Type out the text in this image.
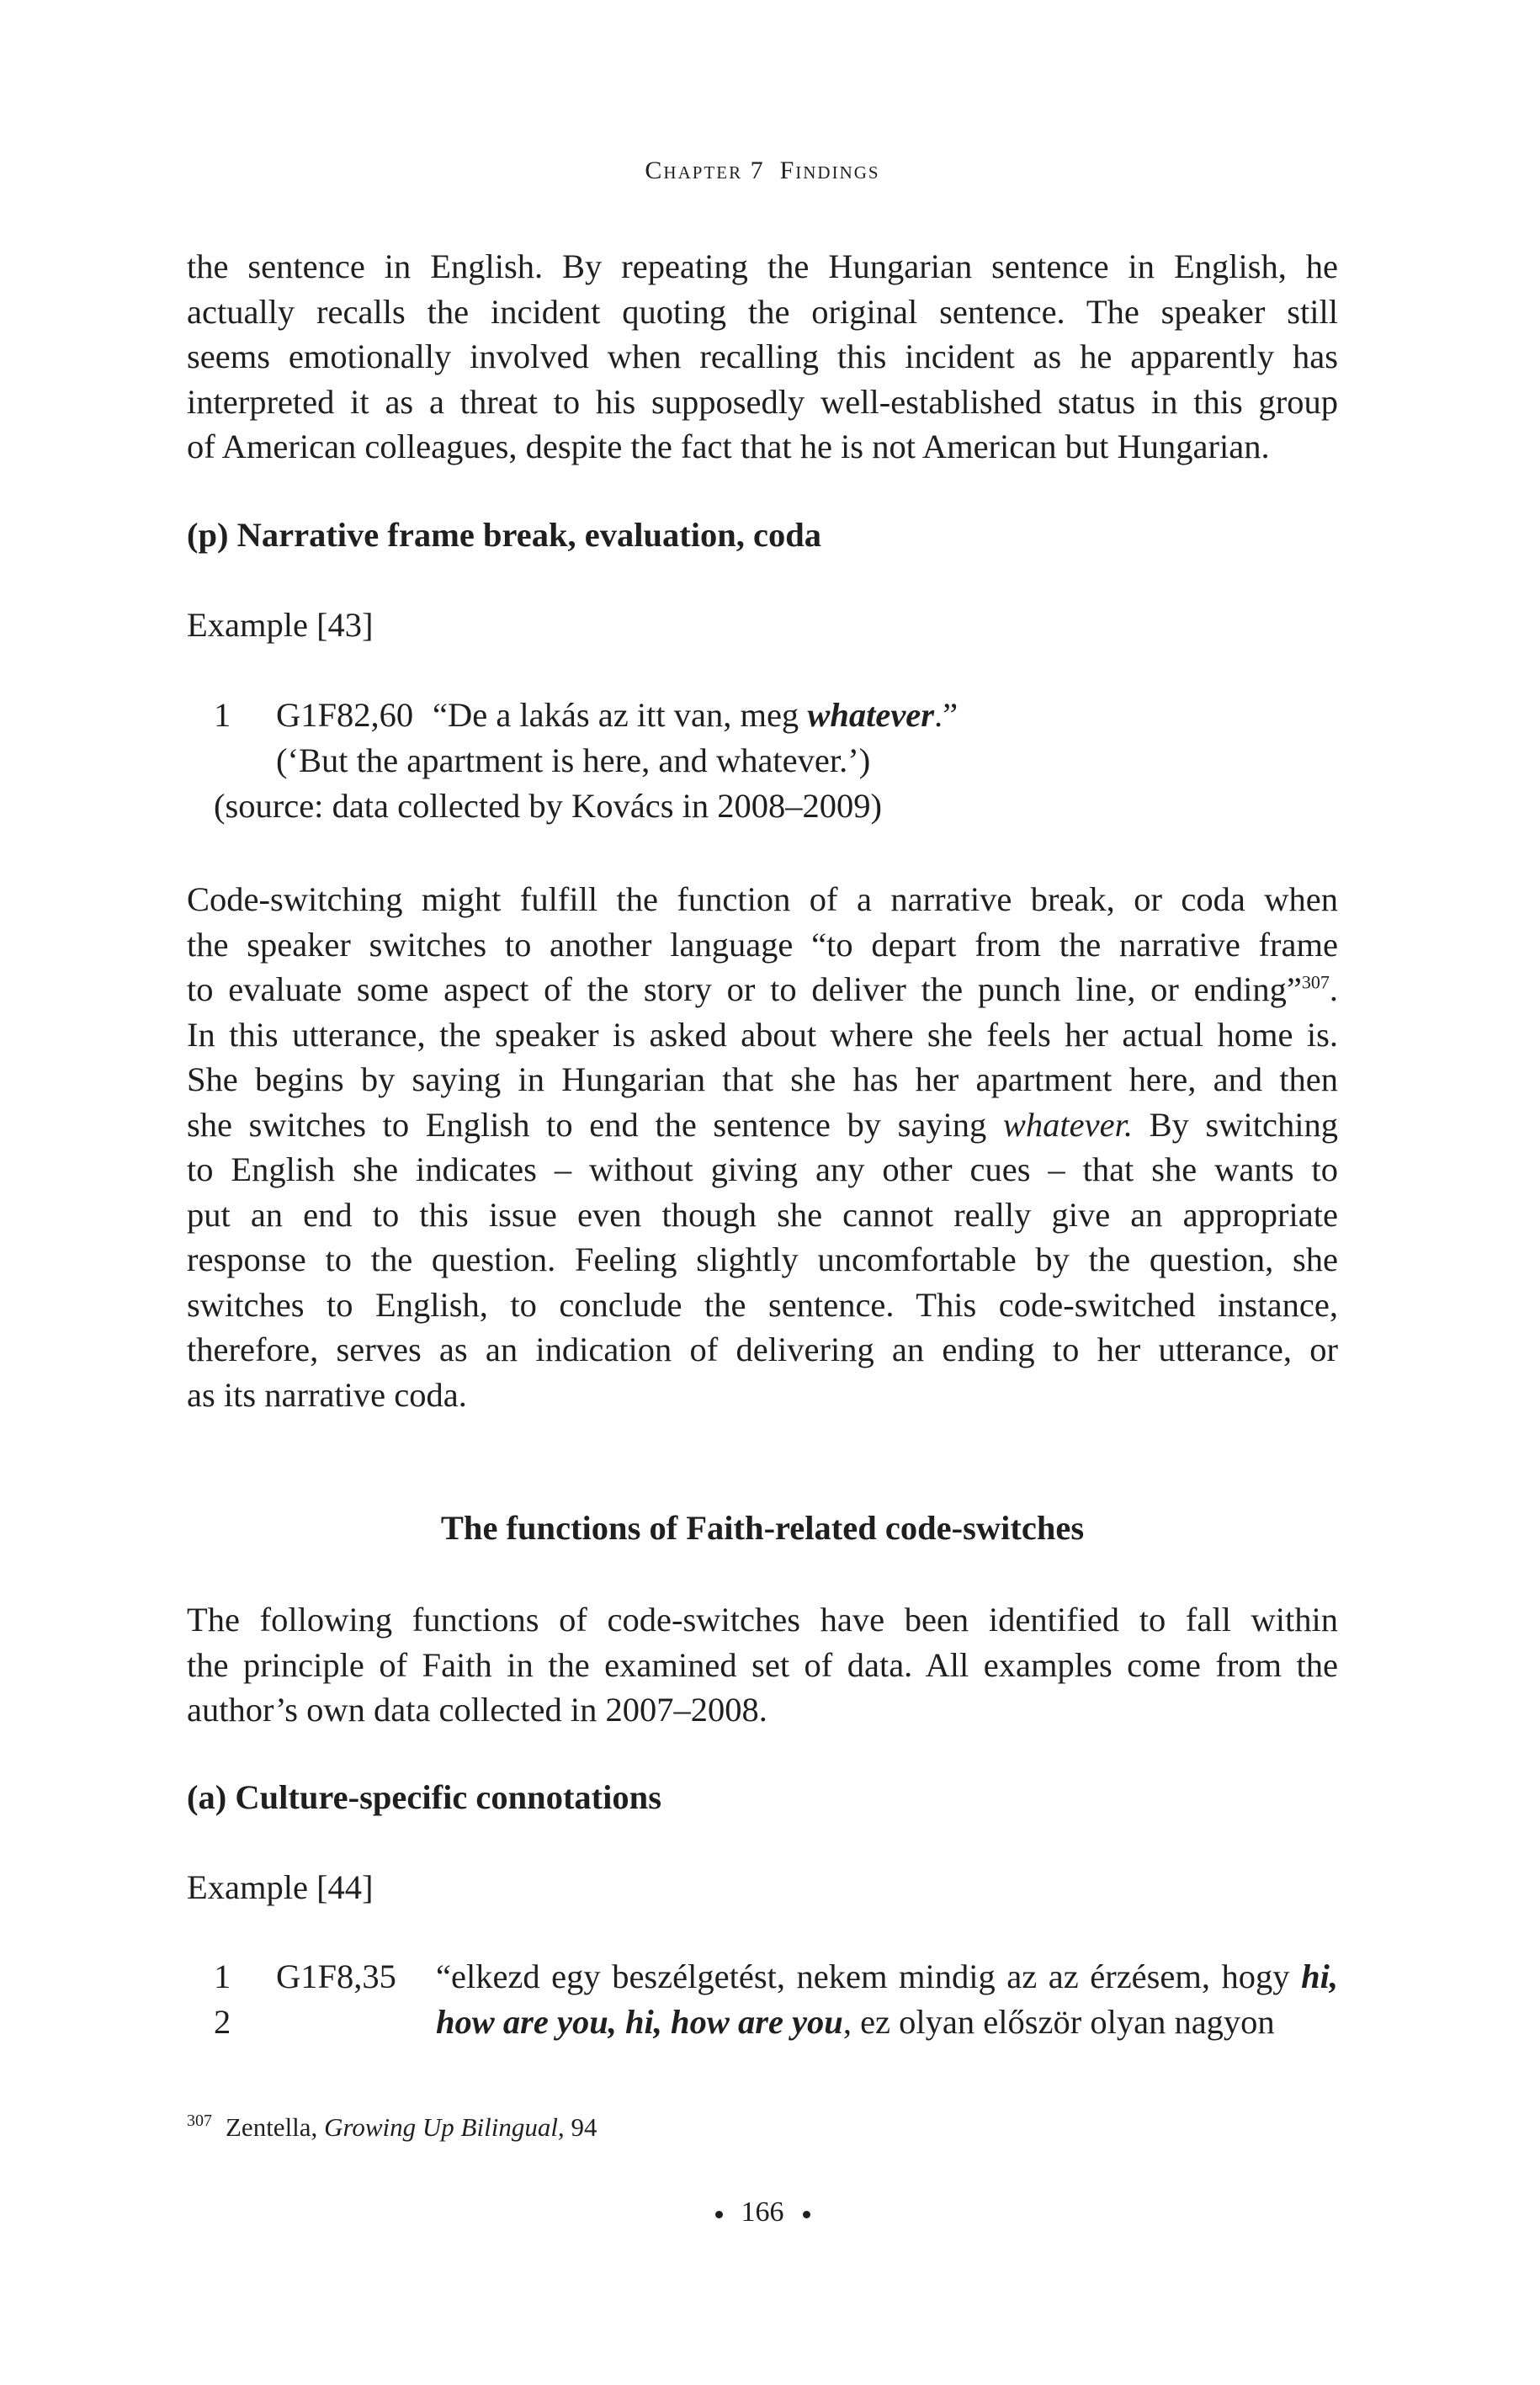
Chapter 7 Findings
the sentence in English. By repeating the Hungarian sentence in English, he
actually recalls the incident quoting the original sentence. The speaker still
seems emotionally involved when recalling this incident as he apparently has
interpreted it as a threat to his supposedly well-established status in this group
of American colleagues, despite the fact that he is not American but Hungarian.
(p) Narrative frame break, evaluation, coda
Example [43]
1 G1F82,60 “De a lakás az itt van, meg whatever.”
(‘But the apartment is here, and whatever.’)
(source: data collected by Kovács in 2008–2009)
Code-switching might fulfill the function of a narrative break, or coda when
the speaker switches to another language “to depart from the narrative frame
to evaluate some aspect of the story or to deliver the punch line, or ending”$^{307}$.
In this utterance, the speaker is asked about where she feels her actual home is.
She begins by saying in Hungarian that she has her apartment here, and then
she switches to English to end the sentence by saying whatever. By switching
to English she indicates – without giving any other cues – that she wants to
put an end to this issue even though she cannot really give an appropriate
response to the question. Feeling slightly uncomfortable by the question, she
switches to English, to conclude the sentence. This code-switched instance,
therefore, serves as an indication of delivering an ending to her utterance, or
as its narrative coda.
The functions of Faith-related code-switches
The following functions of code-switches have been identified to fall within
the principle of Faith in the examined set of data. All examples come from the
author’s own data collected in 2007–2008.
(a) Culture-specific connotations
Example [44]
1 G1F8,35 “elkezd egy beszélgetést, nekem mindig az az érzésem, hogy hi,
2	how are you, hi, how are you, ez olyan először olyan nagyon
$^{307}$ Zentella, Growing Up Bilingual, 94
166
